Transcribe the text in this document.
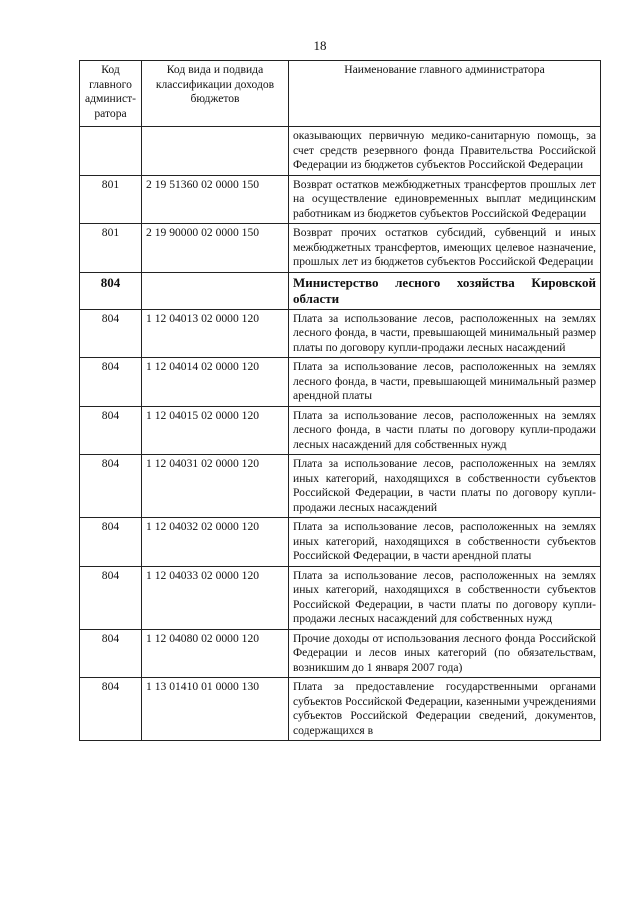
18
Код главного админист-ратора	Код вида и подвида классификации доходов бюджетов	Наименование главного администратора
		оказывающих первичную медико-санитарную помощь, за счет средств резервного фонда Правительства Российской Федерации из бюджетов субъектов Российской Федерации
801	2 19 51360 02 0000 150	Возврат остатков межбюджетных трансфертов прошлых лет на осуществление единовременных выплат медицинским работникам из бюджетов субъектов Российской Федерации
801	2 19 90000 02 0000 150	Возврат прочих остатков субсидий, субвенций и иных межбюджетных трансфертов, имеющих целевое назначение, прошлых лет из бюджетов субъектов Российской Федерации
804		Министерство лесного хозяйства Кировской области
804	1 12 04013 02 0000 120	Плата за использование лесов, расположенных на землях лесного фонда, в части, превышающей минимальный размер платы по договору купли-продажи лесных насаждений
804	1 12 04014 02 0000 120	Плата за использование лесов, расположенных на землях лесного фонда, в части, превышающей минимальный размер арендной платы
804	1 12 04015 02 0000 120	Плата за использование лесов, расположенных на землях лесного фонда, в части платы по договору купли-продажи лесных насаждений для собственных нужд
804	1 12 04031 02 0000 120	Плата за использование лесов, расположенных на землях иных категорий, находящихся в собственности субъектов Российской Федерации, в части платы по договору купли-продажи лесных насаждений
804	1 12 04032 02 0000 120	Плата за использование лесов, расположенных на землях иных категорий, находящихся в собственности субъектов Российской Федерации, в части арендной платы
804	1 12 04033 02 0000 120	Плата за использование лесов, расположенных на землях иных категорий, находящихся в собственности субъектов Российской Федерации, в части платы по договору купли-продажи лесных насаждений для собственных нужд
804	1 12 04080 02 0000 120	Прочие доходы от использования лесного фонда Российской Федерации и лесов иных категорий (по обязательствам, возникшим до 1 января 2007 года)
804	1 13 01410 01 0000 130	Плата за предоставление государственными органами субъектов Российской Федерации, казенными учреждениями субъектов Российской Федерации сведений, документов, содержащихся в
